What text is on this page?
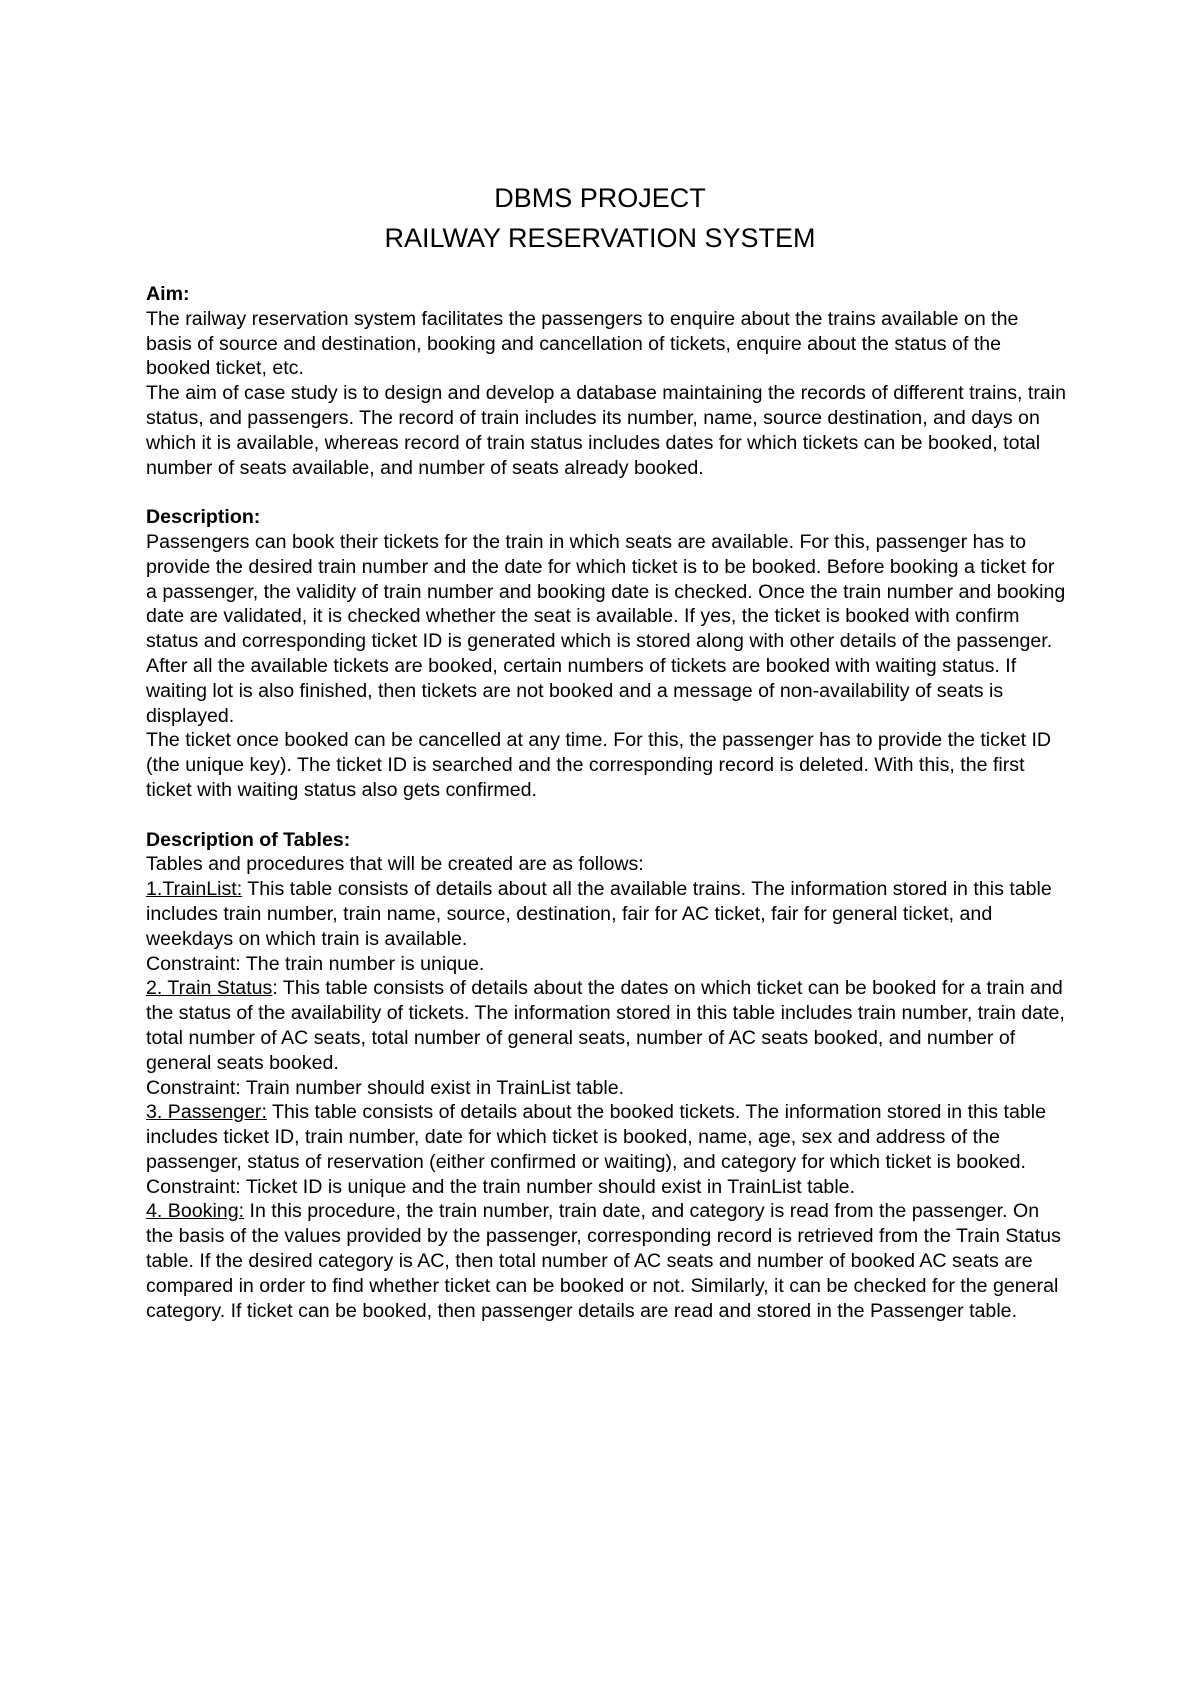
DBMS PROJECT
RAILWAY RESERVATION SYSTEM

Aim:

The railway reservation system facilitates the passengers to enquire about the trains available on the basis of source and destination, booking and cancellation of tickets, enquire about the status of the booked ticket, etc.

The aim of case study is to design and develop a database maintaining the records of different trains, train status, and passengers. The record of train includes its number, name, source destination, and days on which it is available, whereas record of train status includes dates for which tickets can be booked, total number of seats available, and number of seats already booked.

Description:

Passengers can book their tickets for the train in which seats are available. For this, passenger has to provide the desired train number and the date for which ticket is to be booked. Before booking a ticket for a passenger, the validity of train number and booking date is checked. Once the train number and booking date are validated, it is checked whether the seat is available. If yes, the ticket is booked with confirm status and corresponding ticket ID is generated which is stored along with other details of the passenger. After all the available tickets are booked, certain numbers of tickets are booked with waiting status. If waiting lot is also finished, then tickets are not booked and a message of non-availability of seats is displayed.

The ticket once booked can be cancelled at any time. For this, the passenger has to provide the ticket ID (the unique key). The ticket ID is searched and the corresponding record is deleted. With this, the first ticket with waiting status also gets confirmed.

Description of Tables:

Tables and procedures that will be created are as follows:

1.TrainList: This table consists of details about all the available trains. The information stored in this table includes train number, train name, source, destination, fair for AC ticket, fair for general ticket, and weekdays on which train is available.

Constraint: The train number is unique.

2. Train Status: This table consists of details about the dates on which ticket can be booked for a train and the status of the availability of tickets. The information stored in this table includes train number, train date, total number of AC seats, total number of general seats, number of AC seats booked, and number of general seats booked.

Constraint: Train number should exist in TrainList table.

3. Passenger: This table consists of details about the booked tickets. The information stored in this table includes ticket ID, train number, date for which ticket is booked, name, age, sex and address of the passenger, status of reservation (either confirmed or waiting), and category for which ticket is booked.

Constraint: Ticket ID is unique and the train number should exist in TrainList table.

4. Booking: In this procedure, the train number, train date, and category is read from the passenger. On the basis of the values provided by the passenger, corresponding record is retrieved from the Train Status table. If the desired category is AC, then total number of AC seats and number of booked AC seats are compared in order to find whether ticket can be booked or not. Similarly, it can be checked for the general category. If ticket can be booked, then passenger details are read and stored in the Passenger table.
